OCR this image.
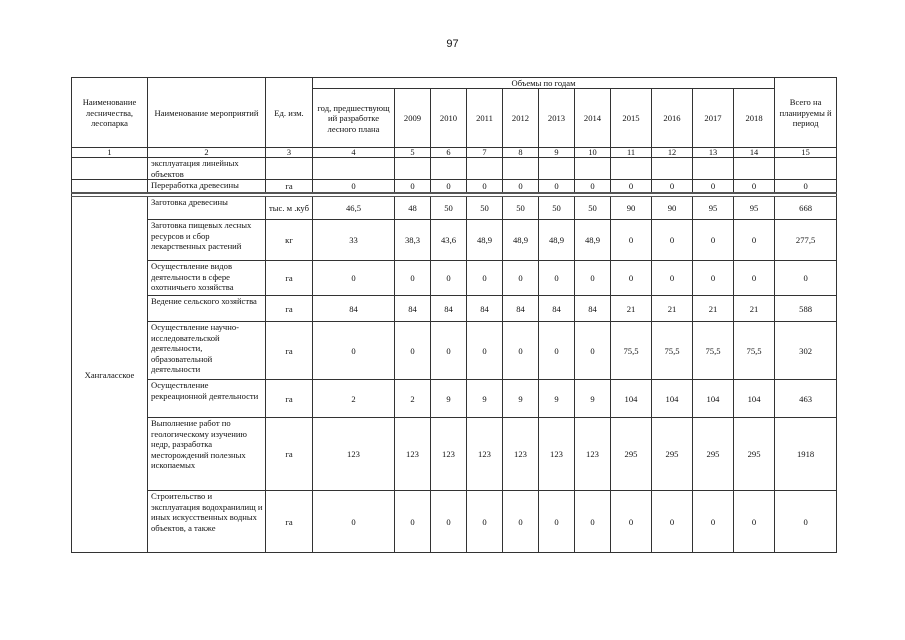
97
Наименование лесничества, лесопарка	Наименование мероприятий	Ед. изм.	Объемы по годам											Всего на планируемы й период
			год, предшествующ ий разработке лесного плана	2009	2010	2011	2012	2013	2014	2015	2016	2017	2018	
1	2	3	4	5	6	7	8	9	10	11	12	13	14	15
	эксплуатация линейных объектов													
	Переработка древесины	га	0	0	0	0	0	0	0	0	0	0	0	0

Хангаласское	Заготовка древесины	тыс. м .куб	46,5	48	50	50	50	50	50	90	90	95	95	668
	Заготовка пищевых лесных ресурсов и сбор лекарственных растений	кг	33	38,3	43,6	48,9	48,9	48,9	48,9	0	0	0	0	277,5
	Осуществление видов деятельности в сфере охотничьего хозяйства	га	0	0	0	0	0	0	0	0	0	0	0	0
	Ведение сельского хозяйства	га	84	84	84	84	84	84	84	21	21	21	21	588
	Осуществление научно-исследовательской деятельности, образовательной деятельности	га	0	0	0	0	0	0	0	75,5	75,5	75,5	75,5	302
	Осуществление рекреационной деятельности	га	2	2	9	9	9	9	9	104	104	104	104	463
	Выполнение работ по геологическому изучению недр, разработка месторождений полезных ископаемых	га	123	123	123	123	123	123	123	295	295	295	295	1918
	Строительство и эксплуатация водохранилищ и иных искусственных водных объектов, а также	га	0	0	0	0	0	0	0	0	0	0	0	0
